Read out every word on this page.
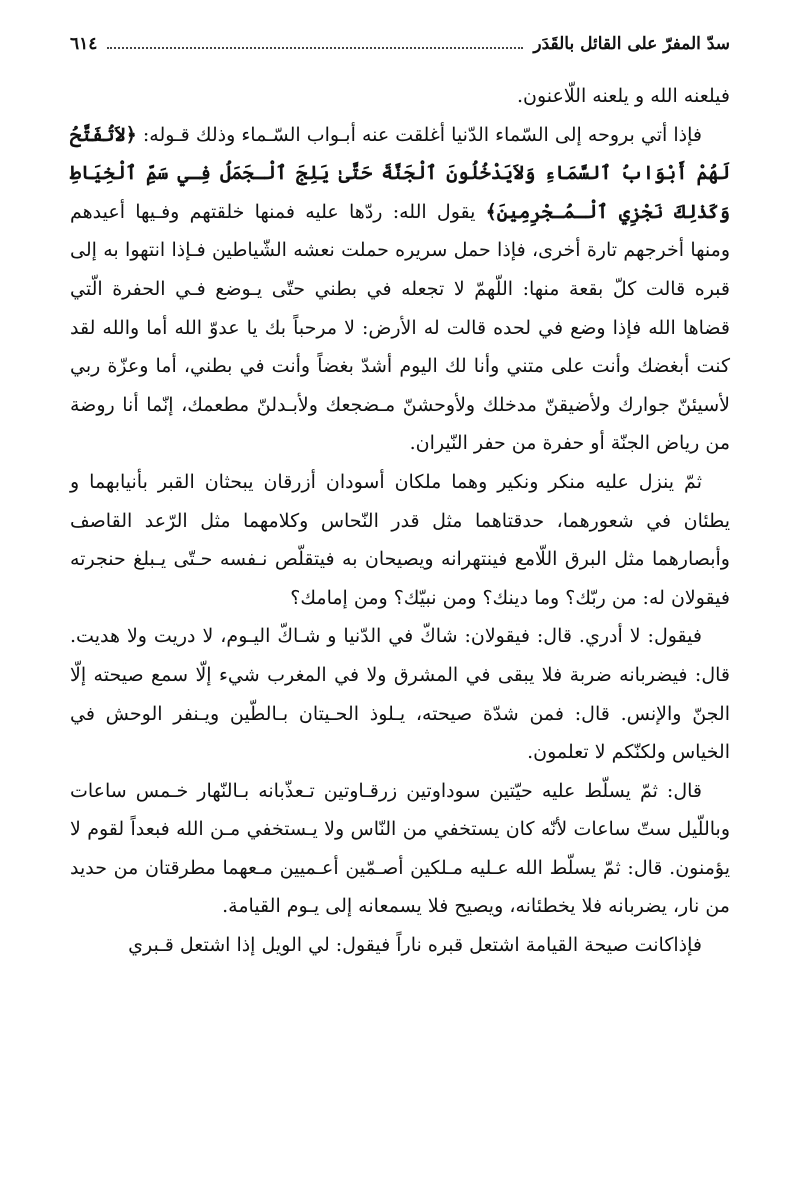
سدّ المفرّ على القائل بالقَدَر
٦١٤

فيلعنه الله و يلعنه اللّاعنون.

فإذا أتي بروحه إلى السّماء الدّنيا أغلقت عنه أبـواب السّـماء وذلك قـوله: ﴿لاَتُفَتَّحُ لَهُمْ أَبْوَابُ ٱلسَّمَاءِ وَلاَيَدْخُلُونَ ٱلْجَنَّةَ حَتَّىٰ يَلِجَ ٱلْـجَمَلُ فِـي سَمِّ ٱلْخِيَاطِ وَكَذٰلِكَ نَجْزِي ٱلْـمُـجْرِمِينَ﴾ يقول الله: ردّها عليه فمنها خلقتهم وفـيها أعيدهم ومنها أخرجهم تارة أخرى، فإذا حمل سريره حملت نعشه الشّياطين فـإذا انتهوا به إلى قبره قالت كلّ بقعة منها: اللّهمّ لا تجعله في بطني حتّى يـوضع فـي الحفرة الّتي قضاها الله فإذا وضع في لحده قالت له الأرض: لا مرحباً بك يا عدوّ الله أما والله لقد كنت أبغضك وأنت على متني وأنا لك اليوم أشدّ بغضاً وأنت في بطني، أما وعزّة ربي لأسيئنّ جوارك ولأضيقنّ مدخلك ولأوحشنّ مـضجعك ولأبـدلنّ مطعمك، إنّما أنا روضة من رياض الجنّة أو حفرة من حفر النّيران.

ثمّ ينزل عليه منكر ونكير وهما ملكان أسودان أزرقان يبحثان القبر بأنيابهما و يطئان في شعورهما، حدقتاهما مثل قدر النّحاس وكلامهما مثل الرّعد القاصف وأبصارهما مثل البرق اللّامع فينتهرانه ويصيحان به فيتقلّص نـفسه حـتّى يـبلغ حنجرته فيقولان له: من ربّك؟ وما دينك؟ ومن نبيّك؟ ومن إمامك؟

فيقول: لا أدري. قال: فيقولان: شاكّ في الدّنيا و شـاكّ اليـوم، لا دريت ولا هديت. قال: فيضربانه ضربة فلا يبقى في المشرق ولا في المغرب شيء إلّا سمع صيحته إلّا الجنّ والإنس. قال: فمن شدّة صيحته، يـلوذ الحـيتان بـالطّين ويـنفر الوحش في الخياس ولكنّكم لا تعلمون.

قال: ثمّ يسلّط عليه حيّتين سوداوتين زرقـاوتين تـعذّبانه بـالنّهار خـمس ساعات وباللّيل ستّ ساعات لأنّه كان يستخفي من النّاس ولا يـستخفي مـن الله فبعداً لقوم لا يؤمنون. قال: ثمّ يسلّط الله عـليه مـلكين أصـمّين أعـميين مـعهما مطرقتان من حديد من نار، يضربانه فلا يخطئانه، ويصيح فلا يسمعانه إلى يـوم القيامة.

فإذاكانت صيحة القيامة اشتعل قبره ناراً فيقول: لي الويل إذا اشتعل قـبري
